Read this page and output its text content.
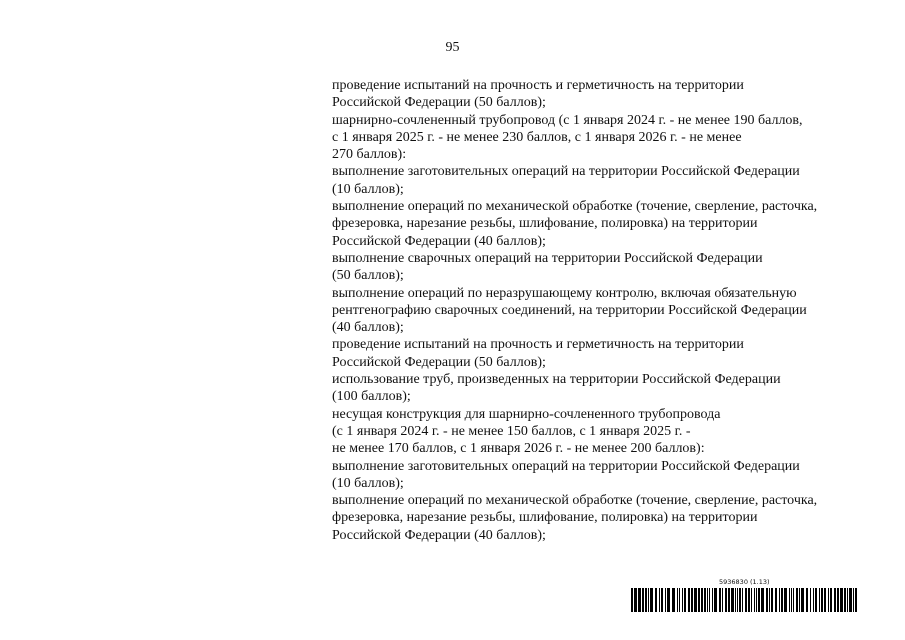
95
проведение испытаний на прочность и герметичность на территории
Российской Федерации (50 баллов);
шарнирно-сочлененный трубопровод (с 1 января 2024 г. - не менее 190 баллов,
с 1 января 2025 г. - не менее 230 баллов, с 1 января 2026 г. - не менее
270 баллов):
выполнение заготовительных операций на территории Российской Федерации
(10 баллов);
выполнение операций по механической обработке (точение, сверление, расточка,
фрезеровка, нарезание резьбы, шлифование, полировка) на территории
Российской Федерации (40 баллов);
выполнение сварочных операций на территории Российской Федерации
(50 баллов);
выполнение операций по неразрушающему контролю, включая обязательную
рентгенографию сварочных соединений, на территории Российской Федерации
(40 баллов);
проведение испытаний на прочность и герметичность на территории
Российской Федерации (50 баллов);
использование труб, произведенных на территории Российской Федерации
(100 баллов);
несущая конструкция для шарнирно-сочлененного трубопровода
(с 1 января 2024 г. - не менее 150 баллов, с 1 января 2025 г. -
не менее 170 баллов, с 1 января 2026 г. - не менее 200 баллов):
выполнение заготовительных операций на территории Российской Федерации
(10 баллов);
выполнение операций по механической обработке (точение, сверление, расточка,
фрезеровка, нарезание резьбы, шлифование, полировка) на территории
Российской Федерации (40 баллов);
5936830 (1.13)
